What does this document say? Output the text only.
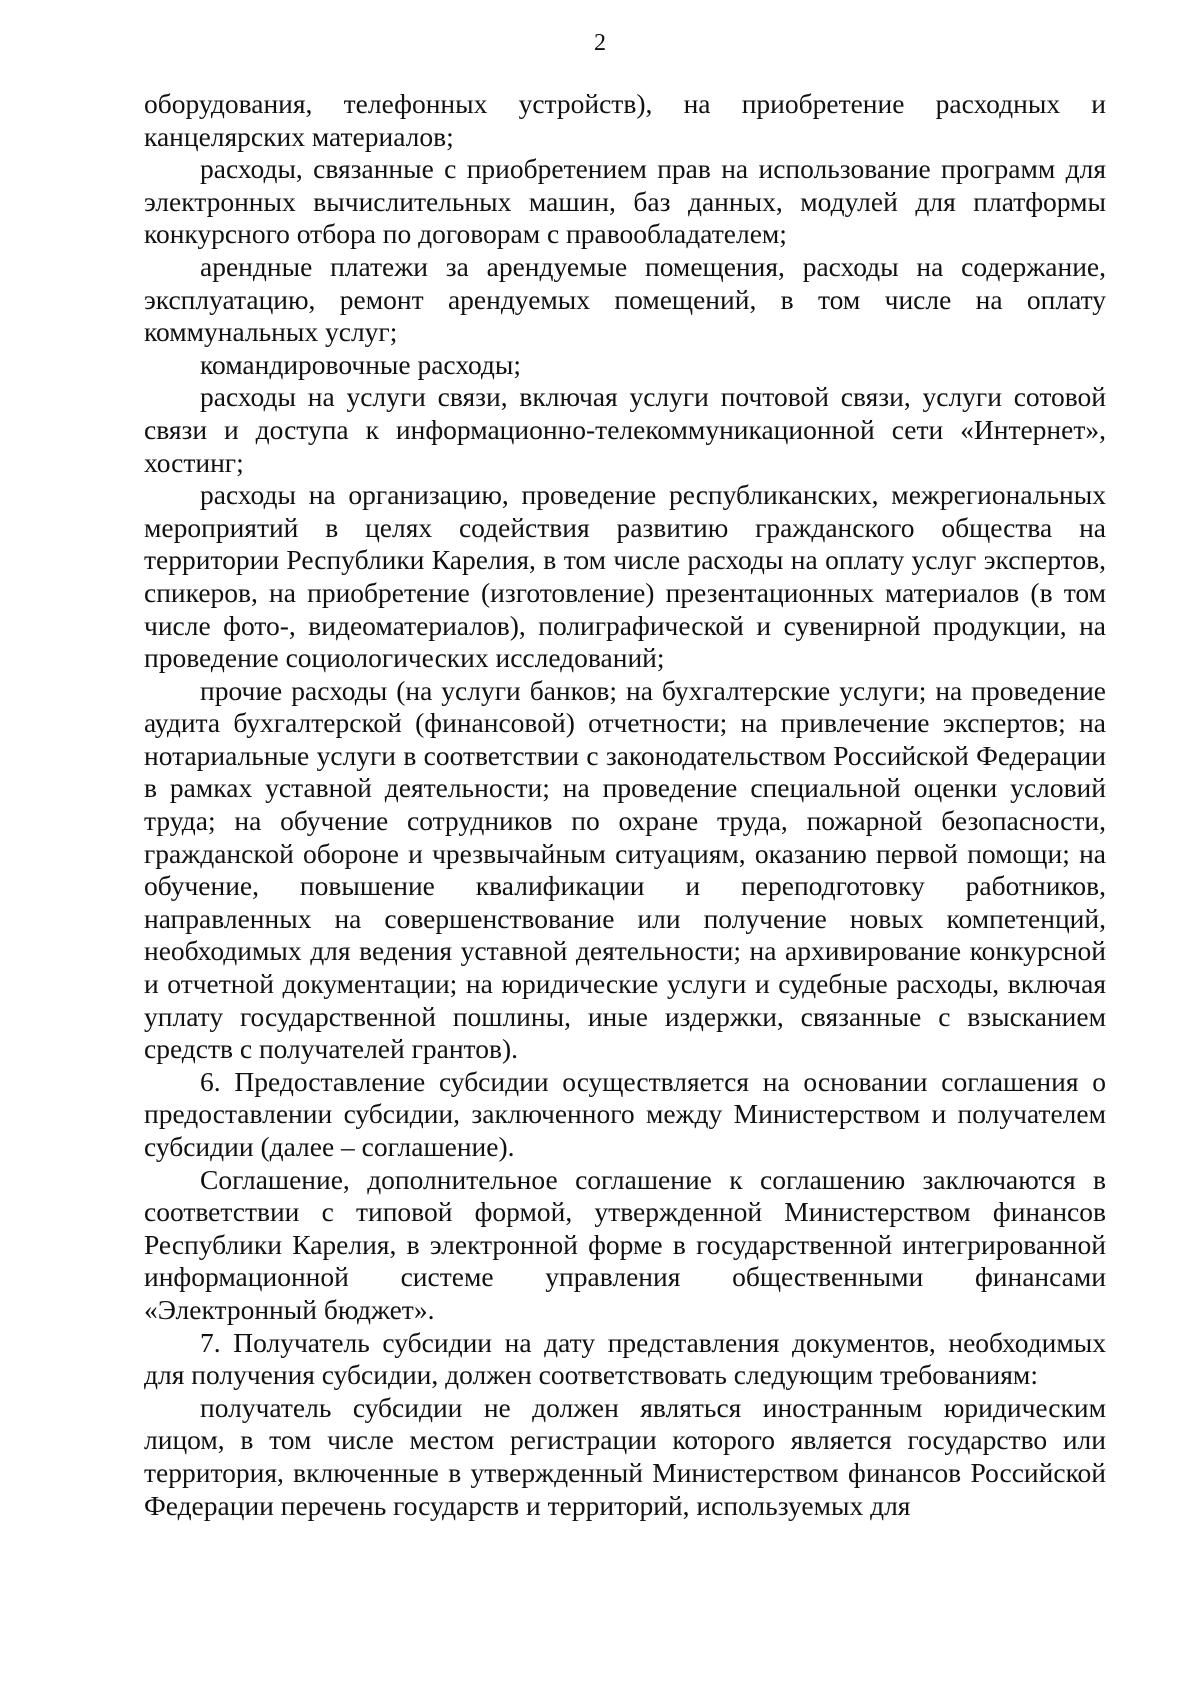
2

оборудования, телефонных устройств), на приобретение расходных и канцелярских материалов;

расходы, связанные с приобретением прав на использование программ для электронных вычислительных машин, баз данных, модулей для платформы конкурсного отбора по договорам с правообладателем;

арендные платежи за арендуемые помещения, расходы на содержание, эксплуатацию, ремонт арендуемых помещений, в том числе на оплату коммунальных услуг;

командировочные расходы;

расходы на услуги связи, включая услуги почтовой связи, услуги сотовой связи и доступа к информационно-телекоммуникационной сети «Интернет», хостинг;

расходы на организацию, проведение республиканских, межрегиональных мероприятий в целях содействия развитию гражданского общества на территории Республики Карелия, в том числе расходы на оплату услуг экспертов, спикеров, на приобретение (изготовление) презентационных материалов (в том числе фото-, видеоматериалов), полиграфической и сувенирной продукции, на проведение социологических исследований;

прочие расходы (на услуги банков; на бухгалтерские услуги; на проведение аудита бухгалтерской (финансовой) отчетности; на привлечение экспертов; на нотариальные услуги в соответствии с законодательством Российской Федерации в рамках уставной деятельности; на проведение специальной оценки условий труда; на обучение сотрудников по охране труда, пожарной безопасности, гражданской обороне и чрезвычайным ситуациям, оказанию первой помощи; на обучение, повышение квалификации и переподготовку работников, направленных на совершенствование или получение новых компетенций, необходимых для ведения уставной деятельности; на архивирование конкурсной и отчетной документации; на юридические услуги и судебные расходы, включая уплату государственной пошлины, иные издержки, связанные с взысканием средств с получателей грантов).

6. Предоставление субсидии осуществляется на основании соглашения о предоставлении субсидии, заключенного между Министерством и получателем субсидии (далее – соглашение).

Соглашение, дополнительное соглашение к соглашению заключаются в соответствии с типовой формой, утвержденной Министерством финансов Республики Карелия, в электронной форме в государственной интегрированной информационной системе управления общественными финансами «Электронный бюджет».

7. Получатель субсидии на дату представления документов, необходимых для получения субсидии, должен соответствовать следующим требованиям:

получатель субсидии не должен являться иностранным юридическим лицом, в том числе местом регистрации которого является государство или территория, включенные в утвержденный Министерством финансов Российской Федерации перечень государств и территорий, используемых для
